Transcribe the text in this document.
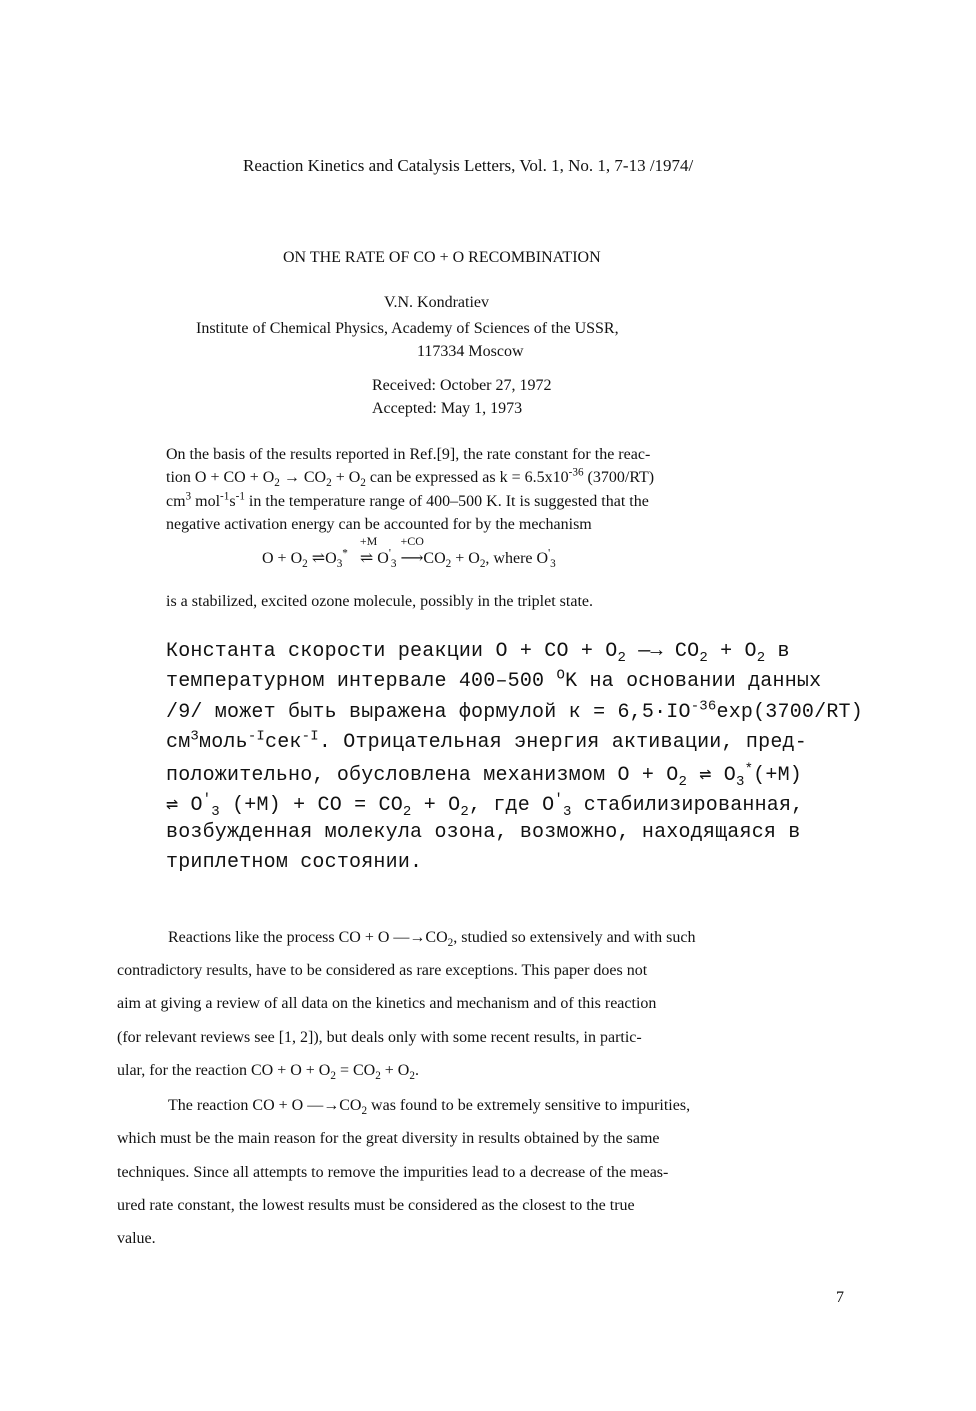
Reaction Kinetics and Catalysis Letters, Vol. 1, No. 1, 7-13 /1974/
ON THE RATE OF CO + O RECOMBINATION
V.N. Kondratiev
Institute of Chemical Physics, Academy of Sciences of the USSR,
117334 Moscow
Received: October 27, 1972
Accepted: May 1, 1973
On the basis of the results reported in Ref.[9], the rate constant for the reac-
tion O + CO + $O_2 \to CO_2 + O_2$ can be expressed as $k = 6.5x10^{-36}$ (3700/RT)
$cm^3$ $mol^{-1}s^{-1}$ in the temperature range of 400–500 K. It is suggested that the
negative activation energy can be accounted for by the mechanism
$O + O_2$ $\rightleftharpoons O_3^*$
+M
⇌ $O'_3$
+CO
$⟶CO_2 + O_2$, where $O'_3$
is a stabilized, excited ozone molecule, possibly in the triplet state.
Константа скорости реакции O + CO + $O_2$ —→ $CO_2 + O_2$ в
температурном интервале 400–500 $^O$K на основании данных
/9/ может быть выражена формулой $к = 6,5\cdot IO^{-36}\exp(3700/RT)$
$см^3моль^{-I}сек^{-I}$. Отрицательная энергия активации, пред-
положительно, обусловлена механизмом $O + O_2$ ⇌ $O_3^*(+M)$
⇌ $O'_3$ (+M) + CO = $CO_2 + O_2$, где $O'_3$ стабилизированная,
возбужденная молекула озона, возможно, находящаяся в
триплетном состоянии.
Reactions like the process CO + O $—\to CO_2$, studied so extensively and with such
contradictory results, have to be considered as rare exceptions. This paper does not
aim at giving a review of all data on the kinetics and mechanism and of this reaction
(for relevant reviews see [1, 2]), but deals only with some recent results, in partic-
ular, for the reaction CO + $O + O_2 = CO_2 + O_2$.
The reaction CO + O $—\to CO_2$ was found to be extremely sensitive to impurities,
which must be the main reason for the great diversity in results obtained by the same
techniques. Since all attempts to remove the impurities lead to a decrease of the meas-
ured rate constant, the lowest results must be considered as the closest to the true
value.
7
